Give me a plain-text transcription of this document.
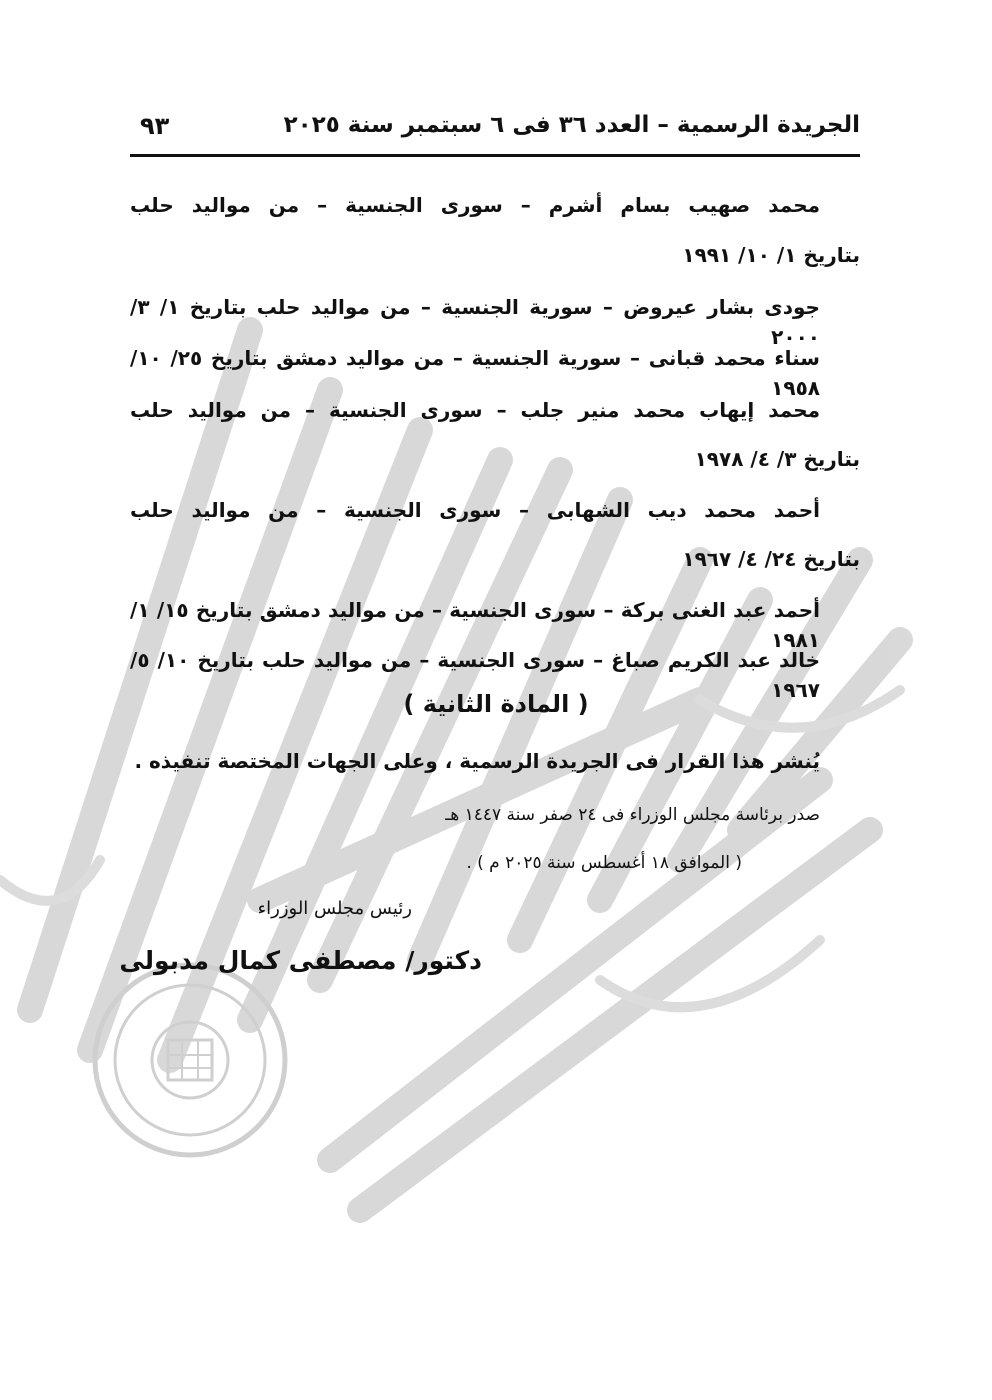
الجريدة الرسمية – العدد ٣٦ فى ٦ سبتمبر سنة ٢٠٢٥
٩٣
محمد صهيب بسام أشرم – سورى الجنسية – من مواليد حلب
بتاريخ ١/ ١٠/ ١٩٩١
جودى بشار عيروض – سورية الجنسية – من مواليد حلب بتاريخ ١/ ٣/ ٢٠٠٠
سناء محمد قبانى – سورية الجنسية – من مواليد دمشق بتاريخ ٢٥/ ١٠/ ١٩٥٨
محمد إيهاب محمد منير جلب – سورى الجنسية – من مواليد حلب
بتاريخ ٣/ ٤/ ١٩٧٨
أحمد محمد ديب الشهابى – سورى الجنسية – من مواليد حلب
بتاريخ ٢٤/ ٤/ ١٩٦٧
أحمد عبد الغنى بركة – سورى الجنسية – من مواليد دمشق بتاريخ ١٥/ ١/ ١٩٨١
خالد عبد الكريم صباغ – سورى الجنسية – من مواليد حلب بتاريخ ١٠/ ٥/ ١٩٦٧
( المادة الثانية )
يُنشر هذا القرار فى الجريدة الرسمية ، وعلى الجهات المختصة تنفيذه .
صدر برئاسة مجلس الوزراء فى ٢٤ صفر سنة ١٤٤٧ هـ
( الموافق ١٨ أغسطس سنة ٢٠٢٥ م ) .
رئيس مجلس الوزراء
دكتور/ مصطفى كمال مدبولى
